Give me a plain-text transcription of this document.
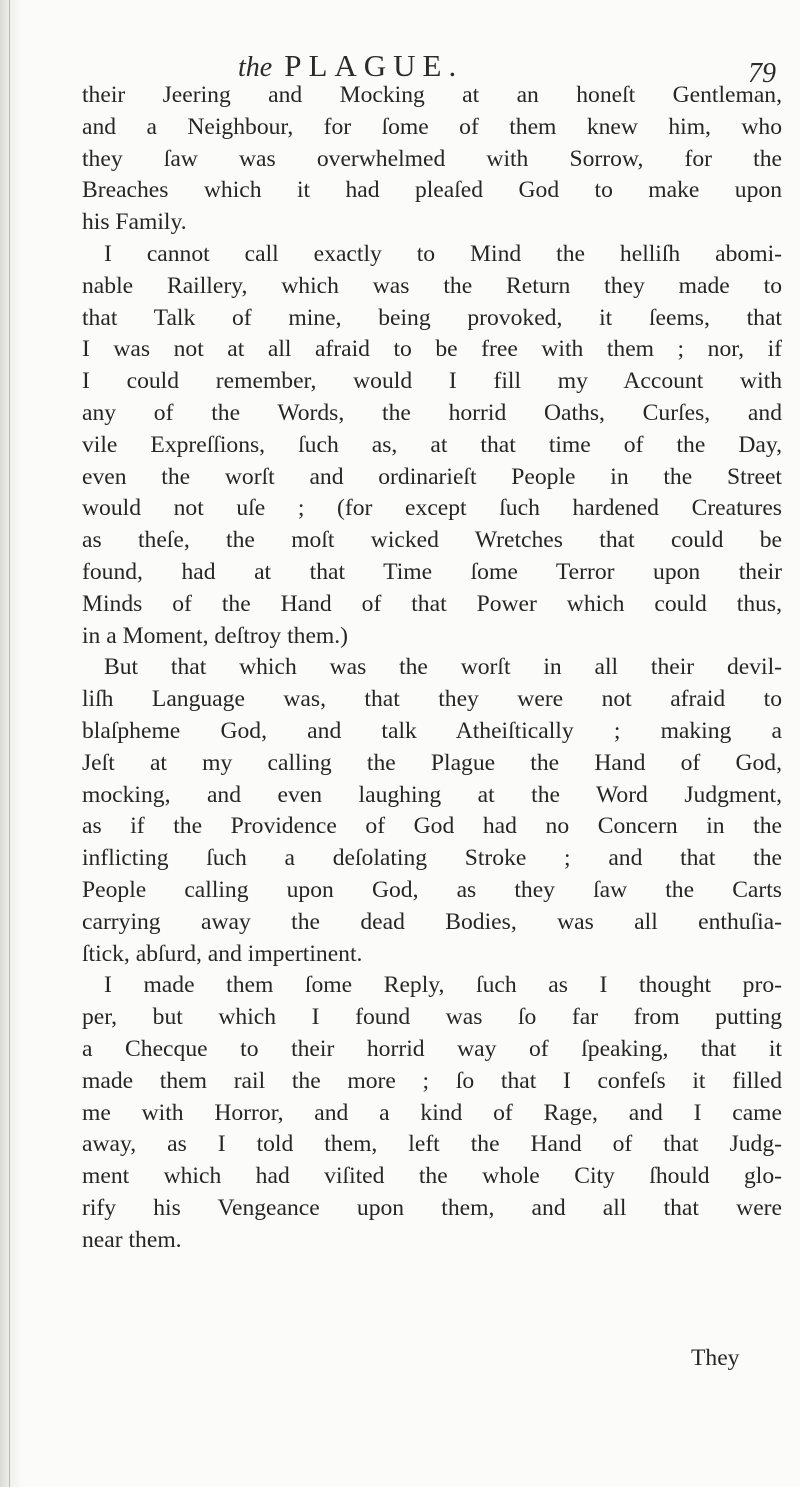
the PLAGUE.	79
their Jeering and Mocking at an honeſt Gentleman,
and a Neighbour, for ſome of them knew him, who
they ſaw was overwhelmed with Sorrow, for the
Breaches which it had pleaſed God to make upon
his Family.
I cannot call exactly to Mind the helliſh abomi-
nable Raillery, which was the Return they made to
that Talk of mine, being provoked, it ſeems, that
I was not at all afraid to be free with them ; nor, if
I could remember, would I fill my Account with
any of the Words, the horrid Oaths, Curſes, and
vile Expreſſions, ſuch as, at that time of the Day,
even the worſt and ordinarieſt People in the Street
would not uſe ; (for except ſuch hardened Creatures
as theſe, the moſt wicked Wretches that could be
found, had at that Time ſome Terror upon their
Minds of the Hand of that Power which could thus,
in a Moment, deſtroy them.)
But that which was the worſt in all their devil-
liſh Language was, that they were not afraid to
blaſpheme God, and talk Atheiſtically ; making a
Jeſt at my calling the Plague the Hand of God,
mocking, and even laughing at the Word Judgment,
as if the Providence of God had no Concern in the
inflicting ſuch a deſolating Stroke ; and that the
People calling upon God, as they ſaw the Carts
carrying away the dead Bodies, was all enthuſia-
ſtick, abſurd, and impertinent.
I made them ſome Reply, ſuch as I thought pro-
per, but which I found was ſo far from putting
a Checque to their horrid way of ſpeaking, that it
made them rail the more ; ſo that I confeſs it filled
me with Horror, and a kind of Rage, and I came
away, as I told them, left the Hand of that Judg-
ment which had viſited the whole City ſhould glo-
rify his Vengeance upon them, and all that were
near them.
They
